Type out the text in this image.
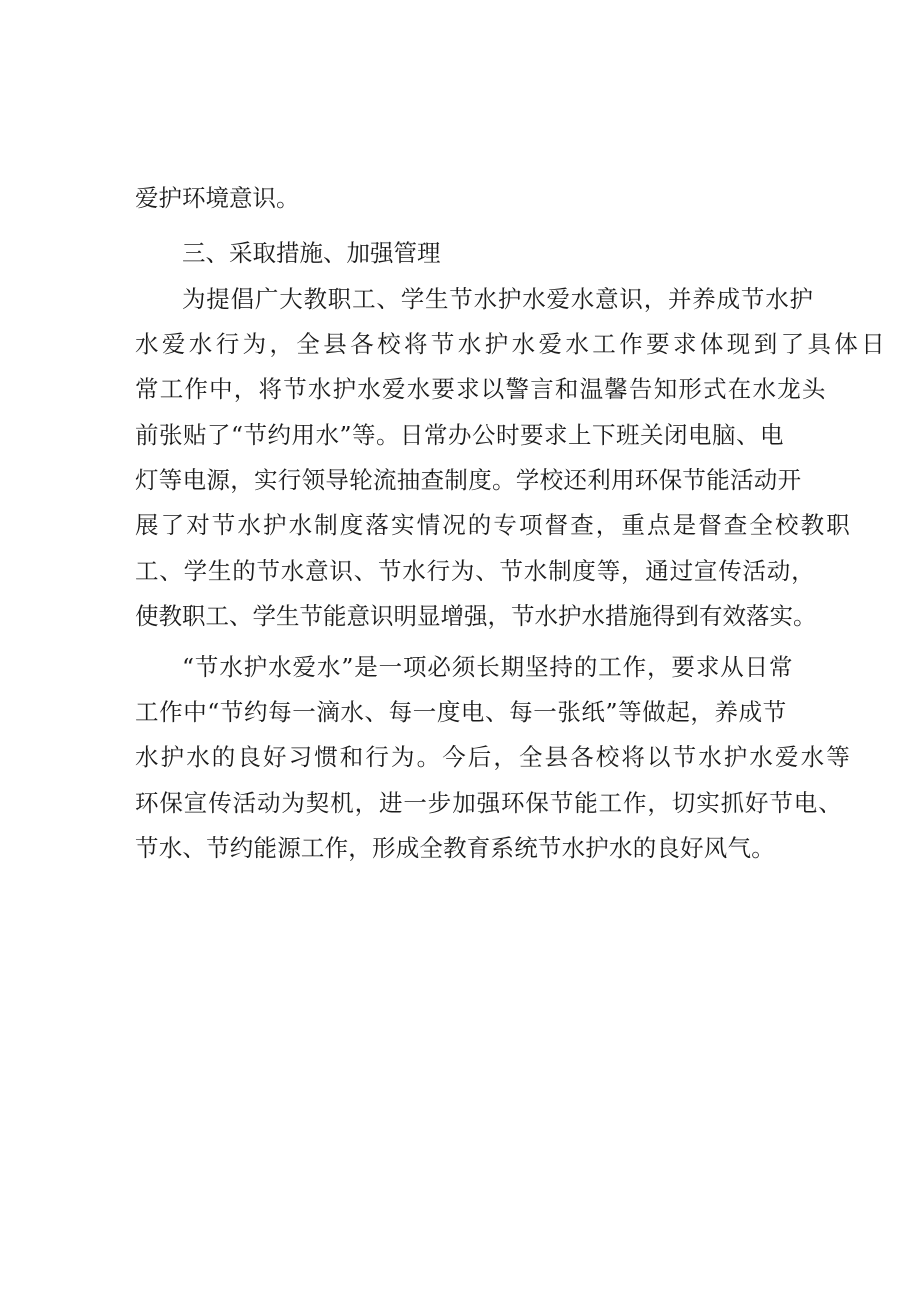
爱护环境意识。

三、采取措施、加强管理

为提倡广大教职工、学生节水护水爱水意识，并养成节水护

水爱水行为，全县各校将节水护水爱水工作要求体现到了具体日

常工作中，将节水护水爱水要求以警言和温馨告知形式在水龙头

前张贴了“节约用水”等。日常办公时要求上下班关闭电脑、电

灯等电源，实行领导轮流抽查制度。学校还利用环保节能活动开

展了对节水护水制度落实情况的专项督查，重点是督查全校教职

工、学生的节水意识、节水行为、节水制度等，通过宣传活动，

使教职工、学生节能意识明显增强，节水护水措施得到有效落实。

“节水护水爱水”是一项必须长期坚持的工作，要求从日常

工作中“节约每一滴水、每一度电、每一张纸”等做起，养成节

水护水的良好习惯和行为。今后，全县各校将以节水护水爱水等

环保宣传活动为契机，进一步加强环保节能工作，切实抓好节电、

节水、节约能源工作，形成全教育系统节水护水的良好风气。
